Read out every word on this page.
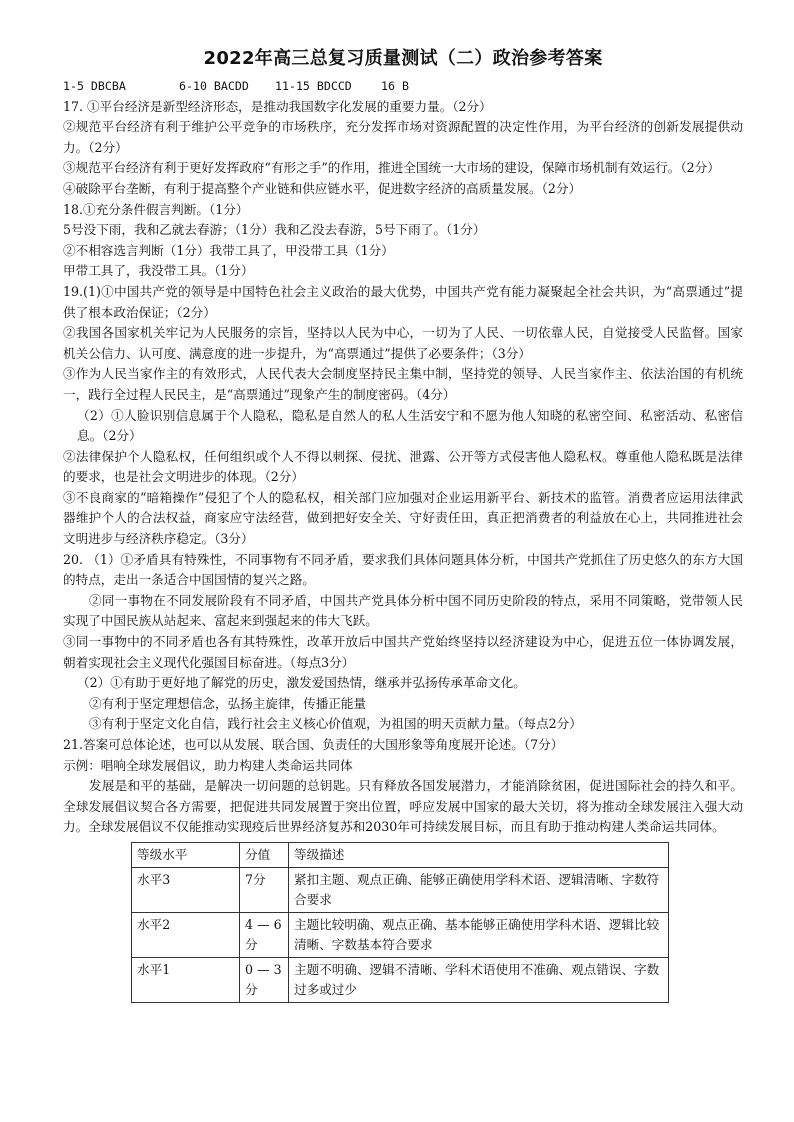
2022年高三总复习质量测试（二）政治参考答案

1-5 DBCBA	6-10 BACDD	11-15 BDCCD	16 B

17. ①平台经济是新型经济形态，是推动我国数字化发展的重要力量。（2分）

②规范平台经济有利于维护公平竞争的市场秩序，充分发挥市场对资源配置的决定性作用，为平台经济的创新发展提供动力。（2分）

③规范平台经济有利于更好发挥政府“有形之手”的作用，推进全国统一大市场的建设，保障市场机制有效运行。（2分）

④破除平台垄断，有利于提高整个产业链和供应链水平，促进数字经济的高质量发展。（2分）

18.①充分条件假言判断。（1分）

5号没下雨，我和乙就去春游；（1分）我和乙没去春游，5号下雨了。（1分）

②不相容选言判断（1分）我带工具了，甲没带工具（1分）

甲带工具了，我没带工具。（1分）

19.(1)①中国共产党的领导是中国特色社会主义政治的最大优势，中国共产党有能力凝聚起全社会共识，为“高票通过”提供了根本政治保证；（2分）

②我国各国家机关牢记为人民服务的宗旨，坚持以人民为中心，一切为了人民、一切依靠人民，自觉接受人民监督。国家机关公信力、认可度、满意度的进一步提升，为“高票通过”提供了必要条件；（3分）

③作为人民当家作主的有效形式，人民代表大会制度坚持民主集中制，坚持党的领导、人民当家作主、依法治国的有机统一，践行全过程人民民主，是“高票通过”现象产生的制度密码。（4分）

（2）①人脸识别信息属于个人隐私，隐私是自然人的私人生活安宁和不愿为他人知晓的私密空间、私密活动、私密信息。（2分）

②法律保护个人隐私权，任何组织或个人不得以刺探、侵扰、泄露、公开等方式侵害他人隐私权。尊重他人隐私既是法律的要求，也是社会文明进步的体现。（2分）

③不良商家的“暗箱操作”侵犯了个人的隐私权，相关部门应加强对企业运用新平台、新技术的监管。消费者应运用法律武器维护个人的合法权益，商家应守法经营，做到把好安全关、守好责任田，真正把消费者的利益放在心上，共同推进社会文明进步与经济秩序稳定。（3分）

20. （1）①矛盾具有特殊性，不同事物有不同矛盾，要求我们具体问题具体分析，中国共产党抓住了历史悠久的东方大国的特点，走出一条适合中国国情的复兴之路。

②同一事物在不同发展阶段有不同矛盾，中国共产党具体分析中国不同历史阶段的特点，采用不同策略，党带领人民实现了中国民族从站起来、富起来到强起来的伟大飞跃。

③同一事物中的不同矛盾也各有其特殊性，改革开放后中国共产党始终坚持以经济建设为中心，促进五位一体协调发展，朝着实现社会主义现代化强国目标奋进。（每点3分）

（2）①有助于更好地了解党的历史，激发爱国热情，继承并弘扬传承革命文化。

②有利于坚定理想信念，弘扬主旋律，传播正能量

③有利于坚定文化自信，践行社会主义核心价值观，为祖国的明天贡献力量。（每点2分）

21.答案可总体论述，也可以从发展、联合国、负责任的大国形象等角度展开论述。（7分）

示例：唱响全球发展倡议，助力构建人类命运共同体

发展是和平的基础，是解决一切问题的总钥匙。只有释放各国发展潜力，才能消除贫困，促进国际社会的持久和平。全球发展倡议契合各方需要，把促进共同发展置于突出位置，呼应发展中国家的最大关切，将为推动全球发展注入强大动力。全球发展倡议不仅能推动实现疫后世界经济复苏和2030年可持续发展目标，而且有助于推动构建人类命运共同体。

等级水平	分值	等级描述
水平3	7分	紧扣主题、观点正确、能够正确使用学科术语、逻辑清晰、字数符合要求
水平2	4 — 6分	主题比较明确、观点正确、基本能够正确使用学科术语、逻辑比较清晰、字数基本符合要求
水平1	0 — 3分	主题不明确、逻辑不清晰、学科术语使用不准确、观点错误、字数过多或过少
